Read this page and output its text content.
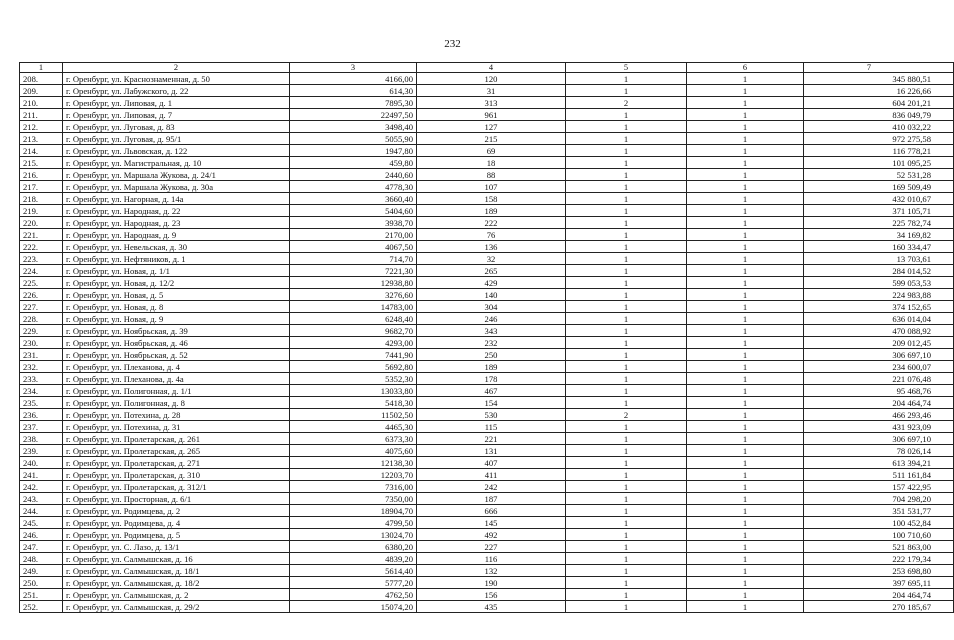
232
1	2	3	4	5	6	7
208.	г. Оренбург, ул. Краснознаменная, д. 50	4166,00	120	1	1	345 880,51
209.	г. Оренбург, ул. Лабужского, д. 22	614,30	31	1	1	16 226,66
210.	г. Оренбург, ул. Липовая, д. 1	7895,30	313	2	1	604 201,21
211.	г. Оренбург, ул. Липовая, д. 7	22497,50	961	1	1	836 049,79
212.	г. Оренбург, ул. Луговая, д. 83	3498,40	127	1	1	410 032,22
213.	г. Оренбург, ул. Луговая, д. 95/1	5055,90	215	1	1	972 275,58
214.	г. Оренбург, ул. Львовская, д. 122	1947,80	69	1	1	116 778,21
215.	г. Оренбург, ул. Магистральная, д. 10	459,80	18	1	1	101 095,25
216.	г. Оренбург, ул. Маршала Жукова, д. 24/1	2440,60	88	1	1	52 531,28
217.	г. Оренбург, ул. Маршала Жукова, д. 30а	4778,30	107	1	1	169 509,49
218.	г. Оренбург, ул. Нагорная, д. 14а	3660,40	158	1	1	432 010,67
219.	г. Оренбург, ул. Народная, д. 22	5404,60	189	1	1	371 105,71
220.	г. Оренбург, ул. Народная, д. 23	3938,70	222	1	1	225 782,74
221.	г. Оренбург, ул. Народная, д. 9	2170,00	76	1	1	34 169,82
222.	г. Оренбург, ул. Невельская, д. 30	4067,50	136	1	1	160 334,47
223.	г. Оренбург, ул. Нефтяников, д. 1	714,70	32	1	1	13 703,61
224.	г. Оренбург, ул. Новая, д. 1/1	7221,30	265	1	1	284 014,52
225.	г. Оренбург, ул. Новая, д. 12/2	12938,80	429	1	1	599 053,53
226.	г. Оренбург, ул. Новая, д. 5	3276,60	140	1	1	224 983,88
227.	г. Оренбург, ул. Новая, д. 8	14783,00	304	1	1	374 152,65
228.	г. Оренбург, ул. Новая, д. 9	6248,40	246	1	1	636 014,04
229.	г. Оренбург, ул. Ноябрьская, д. 39	9682,70	343	1	1	470 088,92
230.	г. Оренбург, ул. Ноябрьская, д. 46	4293,00	232	1	1	209 012,45
231.	г. Оренбург, ул. Ноябрьская, д. 52	7441,90	250	1	1	306 697,10
232.	г. Оренбург, ул. Плеханова, д. 4	5692,80	189	1	1	234 600,07
233.	г. Оренбург, ул. Плеханова, д. 4а	5352,30	178	1	1	221 076,48
234.	г. Оренбург, ул. Полигонная, д. 1/1	13033,80	467	1	1	95 468,76
235.	г. Оренбург, ул. Полигонная, д. 8	5418,30	154	1	1	204 464,74
236.	г. Оренбург, ул. Потехина, д. 28	11502,50	530	2	1	466 293,46
237.	г. Оренбург, ул. Потехина, д. 31	4465,30	115	1	1	431 923,09
238.	г. Оренбург, ул. Пролетарская, д. 261	6373,30	221	1	1	306 697,10
239.	г. Оренбург, ул. Пролетарская, д. 265	4075,60	131	1	1	78 026,14
240.	г. Оренбург, ул. Пролетарская, д. 271	12138,30	407	1	1	613 394,21
241.	г. Оренбург, ул. Пролетарская, д. 310	12203,70	411	1	1	511 161,84
242.	г. Оренбург, ул. Пролетарская, д. 312/1	7316,00	242	1	1	157 422,95
243.	г. Оренбург, ул. Просторная, д. 6/1	7350,00	187	1	1	704 298,20
244.	г. Оренбург, ул. Родимцева, д. 2	18904,70	666	1	1	351 531,77
245.	г. Оренбург, ул. Родимцева, д. 4	4799,50	145	1	1	100 452,84
246.	г. Оренбург, ул. Родимцева, д. 5	13024,70	492	1	1	100 710,60
247.	г. Оренбург, ул. С. Лазо, д. 13/1	6380,20	227	1	1	521 863,00
248.	г. Оренбург, ул. Салмышская, д. 16	4839,20	116	1	1	222 179,34
249.	г. Оренбург, ул. Салмышская, д. 18/1	5614,40	132	1	1	253 698,80
250.	г. Оренбург, ул. Салмышская, д. 18/2	5777,20	190	1	1	397 695,11
251.	г. Оренбург, ул. Салмышская, д. 2	4762,50	156	1	1	204 464,74
252.	г. Оренбург, ул. Салмышская, д. 29/2	15074,20	435	1	1	270 185,67
